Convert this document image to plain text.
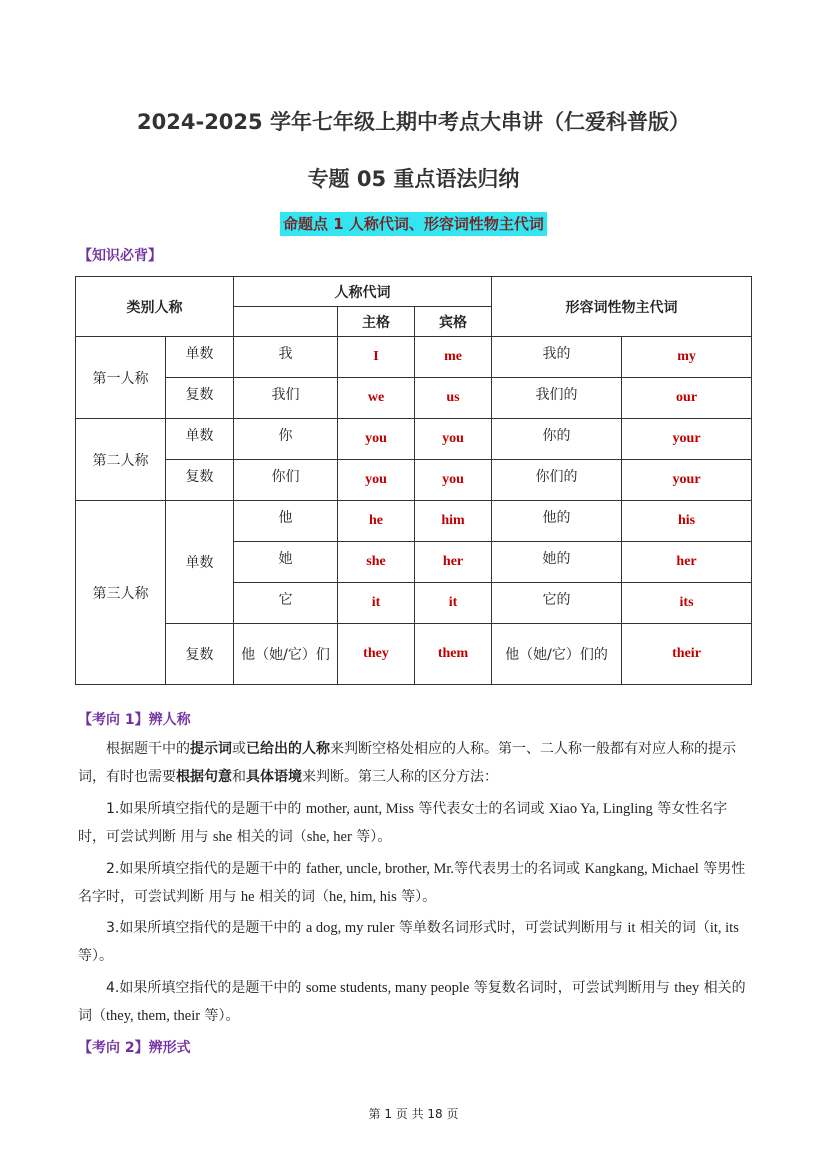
2024-2025 学年七年级上期中考点大串讲（仁爱科普版）
专题 05 重点语法归纳
命题点 1 人称代词、形容词性物主代词
【知识必背】
类别人称		人称代词			形容词性物主代词	
			主格	宾格		
第一人称	单数	我	I	me	我的	my
	复数	我们	we	us	我们的	our
第二人称	单数	你	you	you	你的	your
	复数	你们	you	you	你们的	your
第三人称	单数	他	he	him	他的	his
		她	she	her	她的	her
		它	it	it	它的	its
	复数	他（她/它）们	they	them	他（她/它）们的	their
【考向 1】辨人称
根据题干中的提示词或已给出的人称来判断空格处相应的人称。第一、二人称一般都有对应人称的提示词，有时也需要根据句意和具体语境来判断。第三人称的区分方法：
1.如果所填空指代的是题干中的 mother, aunt, Miss 等代表女士的名词或 Xiao Ya, Lingling 等女性名字时，可尝试判断 用与 she 相关的词（she, her 等）。
2.如果所填空指代的是题干中的 father, uncle, brother, Mr.等代表男士的名词或 Kangkang, Michael 等男性名字时，可尝试判断 用与 he 相关的词（he, him, his 等）。
3.如果所填空指代的是题干中的 a dog, my ruler 等单数名词形式时，可尝试判断用与 it 相关的词（it, its 等）。
4.如果所填空指代的是题干中的 some students, many people 等复数名词时，可尝试判断用与 they 相关的词（they, them, their 等）。
【考向 2】辨形式
第 1 页 共 18 页
